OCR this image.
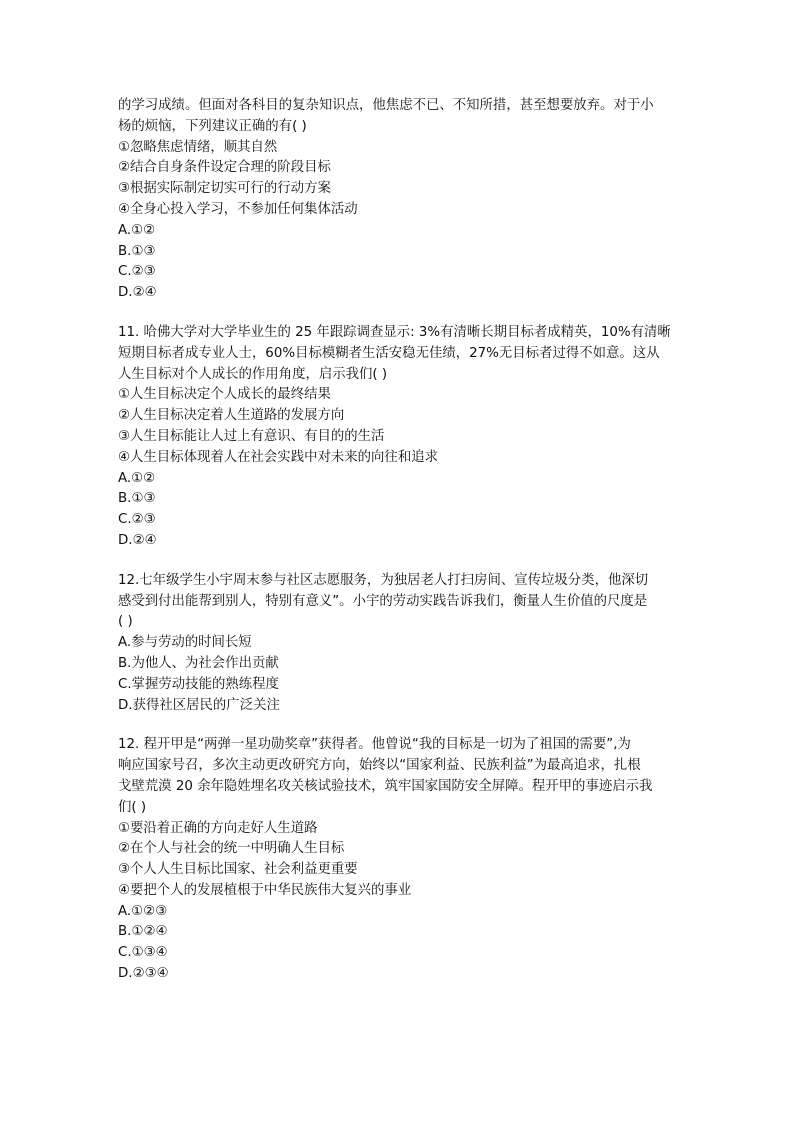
的学习成绩。但面对各科目的复杂知识点，他焦虑不已、不知所措，甚至想要放弃。对于小
杨的烦恼，下列建议正确的有( )
①忽略焦虑情绪，顺其自然
②结合自身条件设定合理的阶段目标
③根据实际制定切实可行的行动方案
④全身心投入学习，不参加任何集体活动
A.①②
B.①③
C.②③
D.②④
11. 哈佛大学对大学毕业生的 25 年跟踪调查显示: 3%有清晰长期目标者成精英，10%有清晰
短期目标者成专业人士，60%目标模糊者生活安稳无佳绩，27%无目标者过得不如意。这从
人生目标对个人成长的作用角度，启示我们( )
①人生目标决定个人成长的最终结果
②人生目标决定着人生道路的发展方向
③人生目标能让人过上有意识、有目的的生活
④人生目标体现着人在社会实践中对未来的向往和追求
A.①②
B.①③
C.②③
D.②④
12.七年级学生小宇周末参与社区志愿服务，为独居老人打扫房间、宣传垃圾分类，他深切
感受到付出能帮到别人，特别有意义”。小宇的劳动实践告诉我们，衡量人生价值的尺度是
( )
A.参与劳动的时间长短
B.为他人、为社会作出贡献
C.掌握劳动技能的熟练程度
D.获得社区居民的广泛关注
12. 程开甲是“两弹一星功勋奖章”获得者。他曾说“我的目标是一切为了祖国的需要”,为
响应国家号召，多次主动更改研究方向，始终以“国家利益、民族利益”为最高追求，扎根
戈壁荒漠 20 余年隐姓埋名攻关核试验技术，筑牢国家国防安全屏障。程开甲的事迹启示我
们( )
①要沿着正确的方向走好人生道路
②在个人与社会的统一中明确人生目标
③个人人生目标比国家、社会利益更重要
④要把个人的发展植根于中华民族伟大复兴的事业
A.①②③
B.①②④
C.①③④
D.②③④
